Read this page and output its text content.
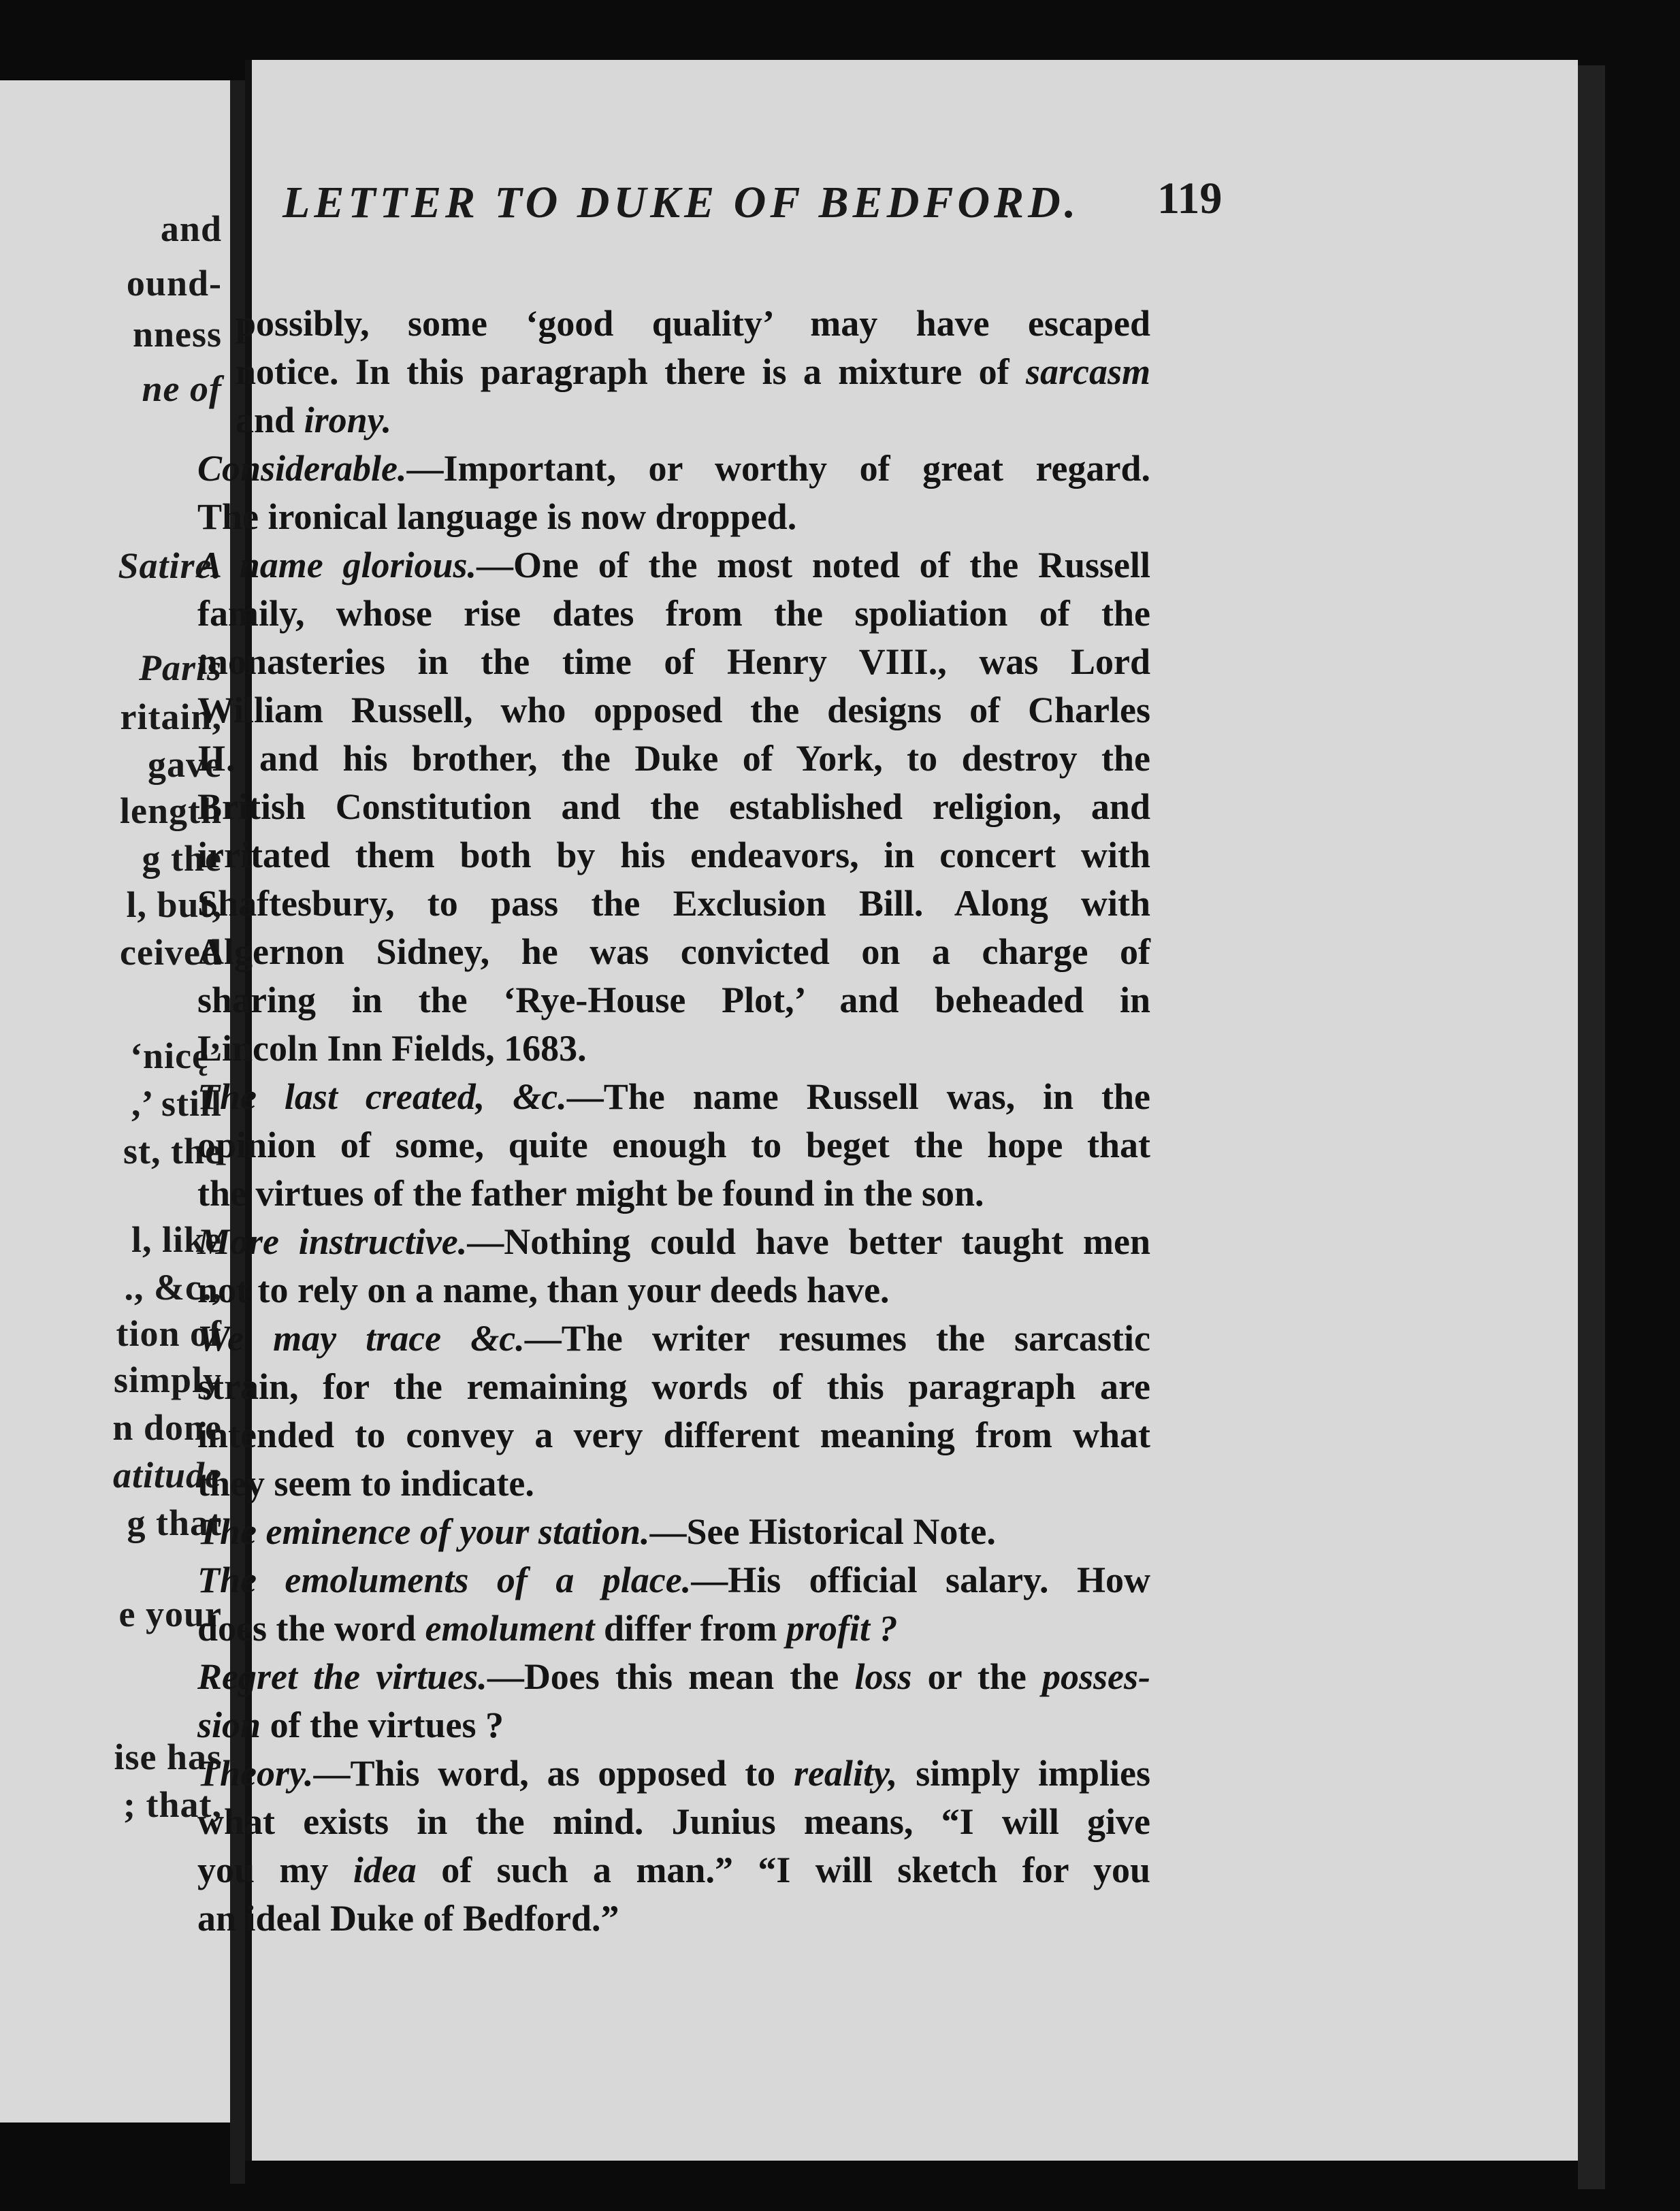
and
ound-
nness
ne of
Satire.
Paris
ritain,
gave
length
g the
l, but,
ceived
‘nicę’
,’ still
st, the
l, like
., &c.,
tion of
simply
n done
atitude
g that
e your
ise has
; that,
LETTER TO DUKE OF BEDFORD. 119
possibly, some ‘good quality’ may have escaped
notice. In this paragraph there is a mixture of sarcasm
and irony.
Considerable.—Important, or worthy of great regard.
The ironical language is now dropped.
A name glorious.—One of the most noted of the Russell
family, whose rise dates from the spoliation of the
monasteries in the time of Henry VIII., was Lord
William Russell, who opposed the designs of Charles
II. and his brother, the Duke of York, to destroy the
British Constitution and the established religion, and
irritated them both by his endeavors, in concert with
Shaftesbury, to pass the Exclusion Bill. Along with
Algernon Sidney, he was convicted on a charge of
sharing in the ‘Rye-House Plot,’ and beheaded in
Lincoln Inn Fields, 1683.
The last created, &c.—The name Russell was, in the
opinion of some, quite enough to beget the hope that
the virtues of the father might be found in the son.
More instructive.—Nothing could have better taught men
not to rely on a name, than your deeds have.
We may trace &c.—The writer resumes the sarcastic
strain, for the remaining words of this paragraph are
intended to convey a very different meaning from what
they seem to indicate.
The eminence of your station.—See Historical Note.
The emoluments of a place.—His official salary. How
does the word emolument differ from profit ?
Regret the virtues.—Does this mean the loss or the posses-
sion of the virtues ?
Theory.—This word, as opposed to reality, simply implies
what exists in the mind. Junius means, “I will give
you my idea of such a man.” “I will sketch for you
an ideal Duke of Bedford.”
